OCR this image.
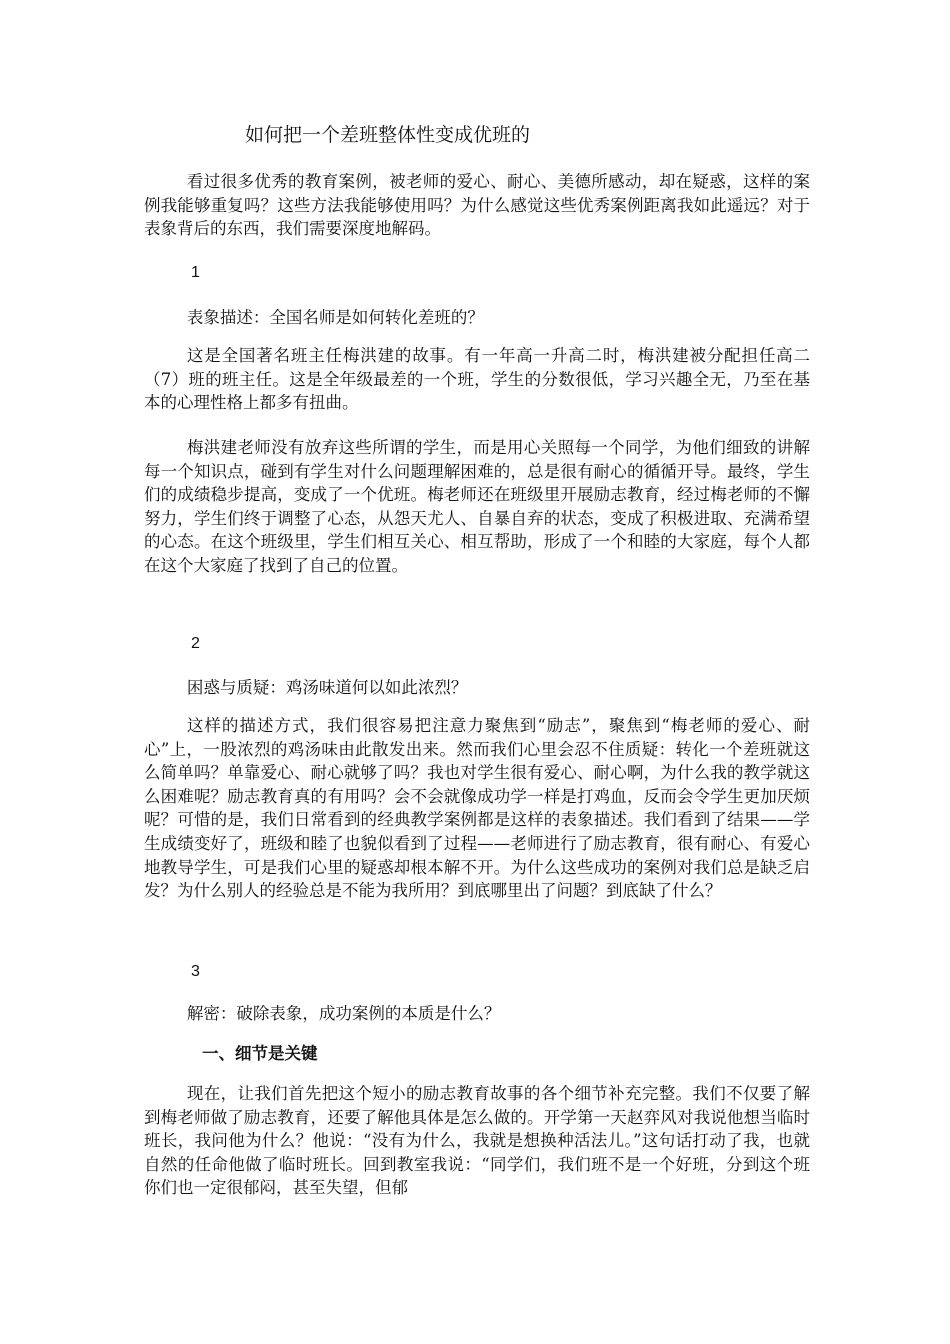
如何把一个差班整体性变成优班的
看过很多优秀的教育案例，被老师的爱心、耐心、美德所感动，却在疑惑，这样的案例我能够重复吗？这些方法我能够使用吗？为什么感觉这些优秀案例距离我如此遥远？对于表象背后的东西，我们需要深度地解码。
1
表象描述：全国名师是如何转化差班的？
这是全国著名班主任梅洪建的故事。有一年高一升高二时，梅洪建被分配担任高二（7）班的班主任。这是全年级最差的一个班，学生的分数很低，学习兴趣全无，乃至在基本的心理性格上都多有扭曲。
梅洪建老师没有放弃这些所谓的学生，而是用心关照每一个同学，为他们细致的讲解每一个知识点，碰到有学生对什么问题理解困难的，总是很有耐心的循循开导。最终，学生们的成绩稳步提高，变成了一个优班。梅老师还在班级里开展励志教育，经过梅老师的不懈努力，学生们终于调整了心态，从怨天尤人、自暴自弃的状态，变成了积极进取、充满希望的心态。在这个班级里，学生们相互关心、相互帮助，形成了一个和睦的大家庭，每个人都在这个大家庭了找到了自己的位置。
2
困惑与质疑：鸡汤味道何以如此浓烈？
这样的描述方式，我们很容易把注意力聚焦到“励志”，聚焦到“梅老师的爱心、耐心”上，一股浓烈的鸡汤味由此散发出来。然而我们心里会忍不住质疑：转化一个差班就这么简单吗？单靠爱心、耐心就够了吗？我也对学生很有爱心、耐心啊，为什么我的教学就这么困难呢？励志教育真的有用吗？会不会就像成功学一样是打鸡血，反而会令学生更加厌烦呢？可惜的是，我们日常看到的经典教学案例都是这样的表象描述。我们看到了结果——学生成绩变好了，班级和睦了也貌似看到了过程——老师进行了励志教育，很有耐心、有爱心地教导学生，可是我们心里的疑惑却根本解不开。为什么这些成功的案例对我们总是缺乏启发？为什么别人的经验总是不能为我所用？到底哪里出了问题？到底缺了什么？
3
解密：破除表象，成功案例的本质是什么？
一、细节是关键
现在，让我们首先把这个短小的励志教育故事的各个细节补充完整。我们不仅要了解到梅老师做了励志教育，还要了解他具体是怎么做的。开学第一天赵弈风对我说他想当临时班长，我问他为什么？他说：“没有为什么，我就是想换种活法儿。”这句话打动了我，也就自然的任命他做了临时班长。回到教室我说：“同学们，我们班不是一个好班，分到这个班你们也一定很郁闷，甚至失望，但郁
